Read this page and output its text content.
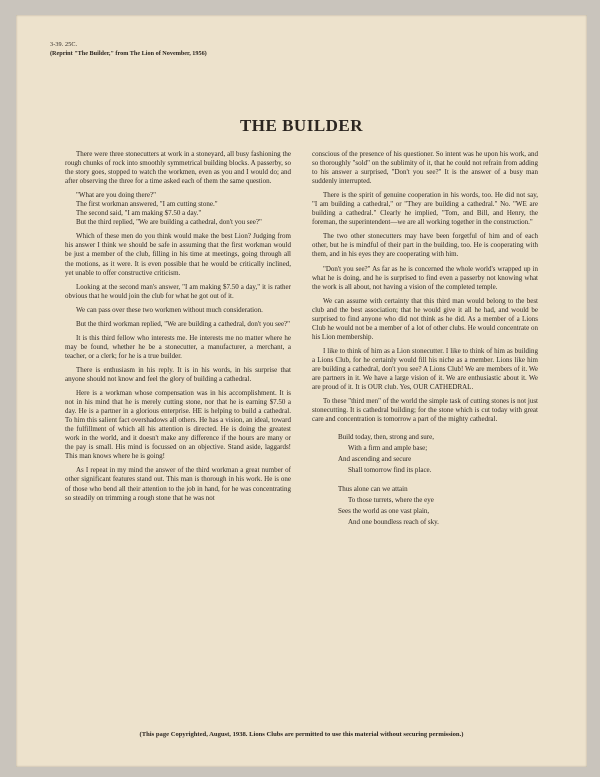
3-39. 25C.
(Reprint "The Builder," from The Lion of November, 1956)
THE BUILDER

There were three stonecutters at work in a stoneyard, all busy fashioning the rough chunks of rock into smoothly symmetrical building blocks. A passerby, so the story goes, stopped to watch the workmen, even as you and I would do; and after observing the three for a time asked each of them the same question.

"What are you doing there?"

The first workman answered, "I am cutting stone."

The second said, "I am making $7.50 a day."

But the third replied, "We are building a cathedral, don't you see?"

Which of these men do you think would make the best Lion? Judging from his answer I think we should be safe in assuming that the first workman would be just a member of the club, filling in his time at meetings, going through all the motions, as it were. It is even possible that he would be critically inclined, yet unable to offer constructive criticism.

Looking at the second man's answer, "I am making $7.50 a day," it is rather obvious that he would join the club for what he got out of it.

We can pass over these two workmen without much consideration.

But the third workman replied, "We are building a cathedral, don't you see?"

It is this third fellow who interests me. He interests me no matter where he may be found, whether he be a stonecutter, a manufacturer, a merchant, a teacher, or a clerk; for he is a true builder.

There is enthusiasm in his reply. It is in his words, in his surprise that anyone should not know and feel the glory of building a cathedral.

Here is a workman whose compensation was in his accomplishment. It is not in his mind that he is merely cutting stone, nor that he is earning $7.50 a day. He is a partner in a glorious enterprise. HE is helping to build a cathedral. To him this salient fact overshadows all others. He has a vision, an ideal, toward the fulfillment of which all his attention is directed. He is doing the greatest work in the world, and it doesn't make any difference if the hours are many or the pay is small. His mind is focussed on an objective. Stand aside, laggards! This man knows where he is going!

As I repeat in my mind the answer of the third workman a great number of other significant features stand out. This man is thorough in his work. He is one of those who bend all their attention to the job in hand, for he was concentrating so steadily on trimming a rough stone that he was not

conscious of the presence of his questioner. So intent was he upon his work, and so thoroughly "sold" on the sublimity of it, that he could not refrain from adding to his answer a surprised, "Don't you see?" It is the answer of a busy man suddenly interrupted.

There is the spirit of genuine cooperation in his words, too. He did not say, "I am building a cathedral," or "They are building a cathedral." No. "WE are building a cathedral." Clearly he implied, "Tom, and Bill, and Henry, the foreman, the superintendent—we are all working together in the construction."

The two other stonecutters may have been forgetful of him and of each other, but he is mindful of their part in the building, too. He is cooperating with them, and in his eyes they are cooperating with him.

"Don't you see?" As far as he is concerned the whole world's wrapped up in what he is doing, and he is surprised to find even a passerby not knowing what the work is all about, not having a vision of the completed temple.

We can assume with certainty that this third man would belong to the best club and the best association; that he would give it all he had, and would be surprised to find anyone who did not think as he did. As a member of a Lions Club he would not be a member of a lot of other clubs. He would concentrate on his Lion membership.

I like to think of him as a Lion stonecutter. I like to think of him as building a Lions Club, for he certainly would fill his niche as a member. Lions like him are building a cathedral, don't you see? A Lions Club! We are members of it. We are partners in it. We have a large vision of it. We are enthusiastic about it. We are proud of it. It is OUR club. Yes, OUR CATHEDRAL.

To these "third men" of the world the simple task of cutting stones is not just stonecutting. It is cathedral building; for the stone which is cut today with great care and concentration is tomorrow a part of the mighty cathedral.

Build today, then, strong and sure,
With a firm and ample base;
And ascending and secure
Shall tomorrow find its place.
Thus alone can we attain
To those turrets, where the eye
Sees the world as one vast plain,
And one boundless reach of sky.
(This page Copyrighted, August, 1938. Lions Clubs are permitted to use this material without securing permission.)
